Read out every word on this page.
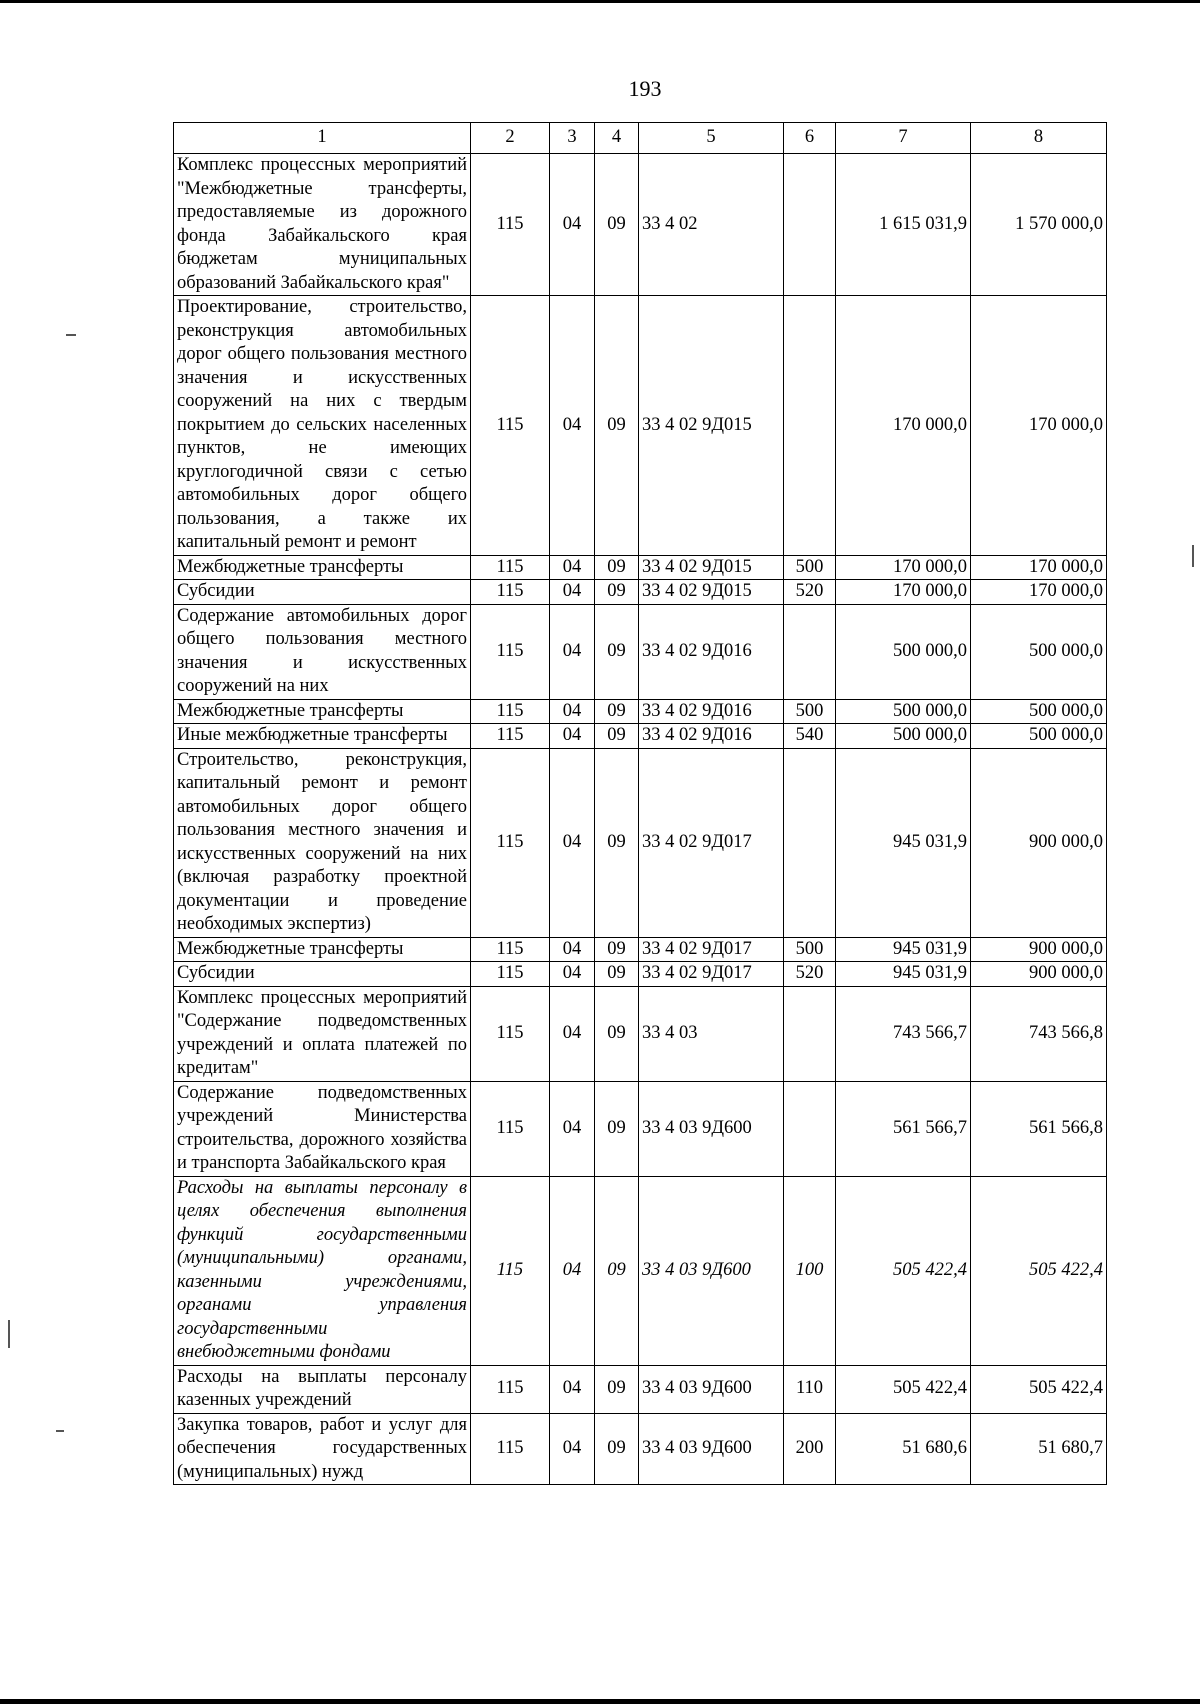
193
1	2	3	4	5	6	7	8
Комплекс процессных мероприятий "Межбюджетные трансферты, предоставляемые из дорожного фонда Забайкальского края бюджетам муниципальных образований Забайкальского края"	115	04	09	33 4 02		1 615 031,9	1 570 000,0
Проектирование, строительство, реконструкция автомобильных дорог общего пользования местного значения и искусственных сооружений на них с твердым покрытием до сельских населенных пунктов, не имеющих круглогодичной связи с сетью автомобильных дорог общего пользования, а также их капитальный ремонт и ремонт	115	04	09	33 4 02 9Д015		170 000,0	170 000,0
Межбюджетные трансферты	115	04	09	33 4 02 9Д015	500	170 000,0	170 000,0
Субсидии	115	04	09	33 4 02 9Д015	520	170 000,0	170 000,0
Содержание автомобильных дорог общего пользования местного значения и искусственных сооружений на них	115	04	09	33 4 02 9Д016		500 000,0	500 000,0
Межбюджетные трансферты	115	04	09	33 4 02 9Д016	500	500 000,0	500 000,0
Иные межбюджетные трансферты	115	04	09	33 4 02 9Д016	540	500 000,0	500 000,0
Строительство, реконструкция, капитальный ремонт и ремонт автомобильных дорог общего пользования местного значения и искусственных сооружений на них (включая разработку проектной документации и проведение необходимых экспертиз)	115	04	09	33 4 02 9Д017		945 031,9	900 000,0
Межбюджетные трансферты	115	04	09	33 4 02 9Д017	500	945 031,9	900 000,0
Субсидии	115	04	09	33 4 02 9Д017	520	945 031,9	900 000,0
Комплекс процессных мероприятий "Содержание подведомственных учреждений и оплата платежей по кредитам"	115	04	09	33 4 03		743 566,7	743 566,8
Содержание подведомственных учреждений Министерства строительства, дорожного хозяйства и транспорта Забайкальского края	115	04	09	33 4 03 9Д600		561 566,7	561 566,8
Расходы на выплаты персоналу в целях обеспечения выполнения функций государственными (муниципальными) органами, казенными учреждениями, органами управления государственными внебюджетными фондами	115	04	09	33 4 03 9Д600	100	505 422,4	505 422,4
Расходы на выплаты персоналу казенных учреждений	115	04	09	33 4 03 9Д600	110	505 422,4	505 422,4
Закупка товаров, работ и услуг для обеспечения государственных (муниципальных) нужд	115	04	09	33 4 03 9Д600	200	51 680,6	51 680,7
